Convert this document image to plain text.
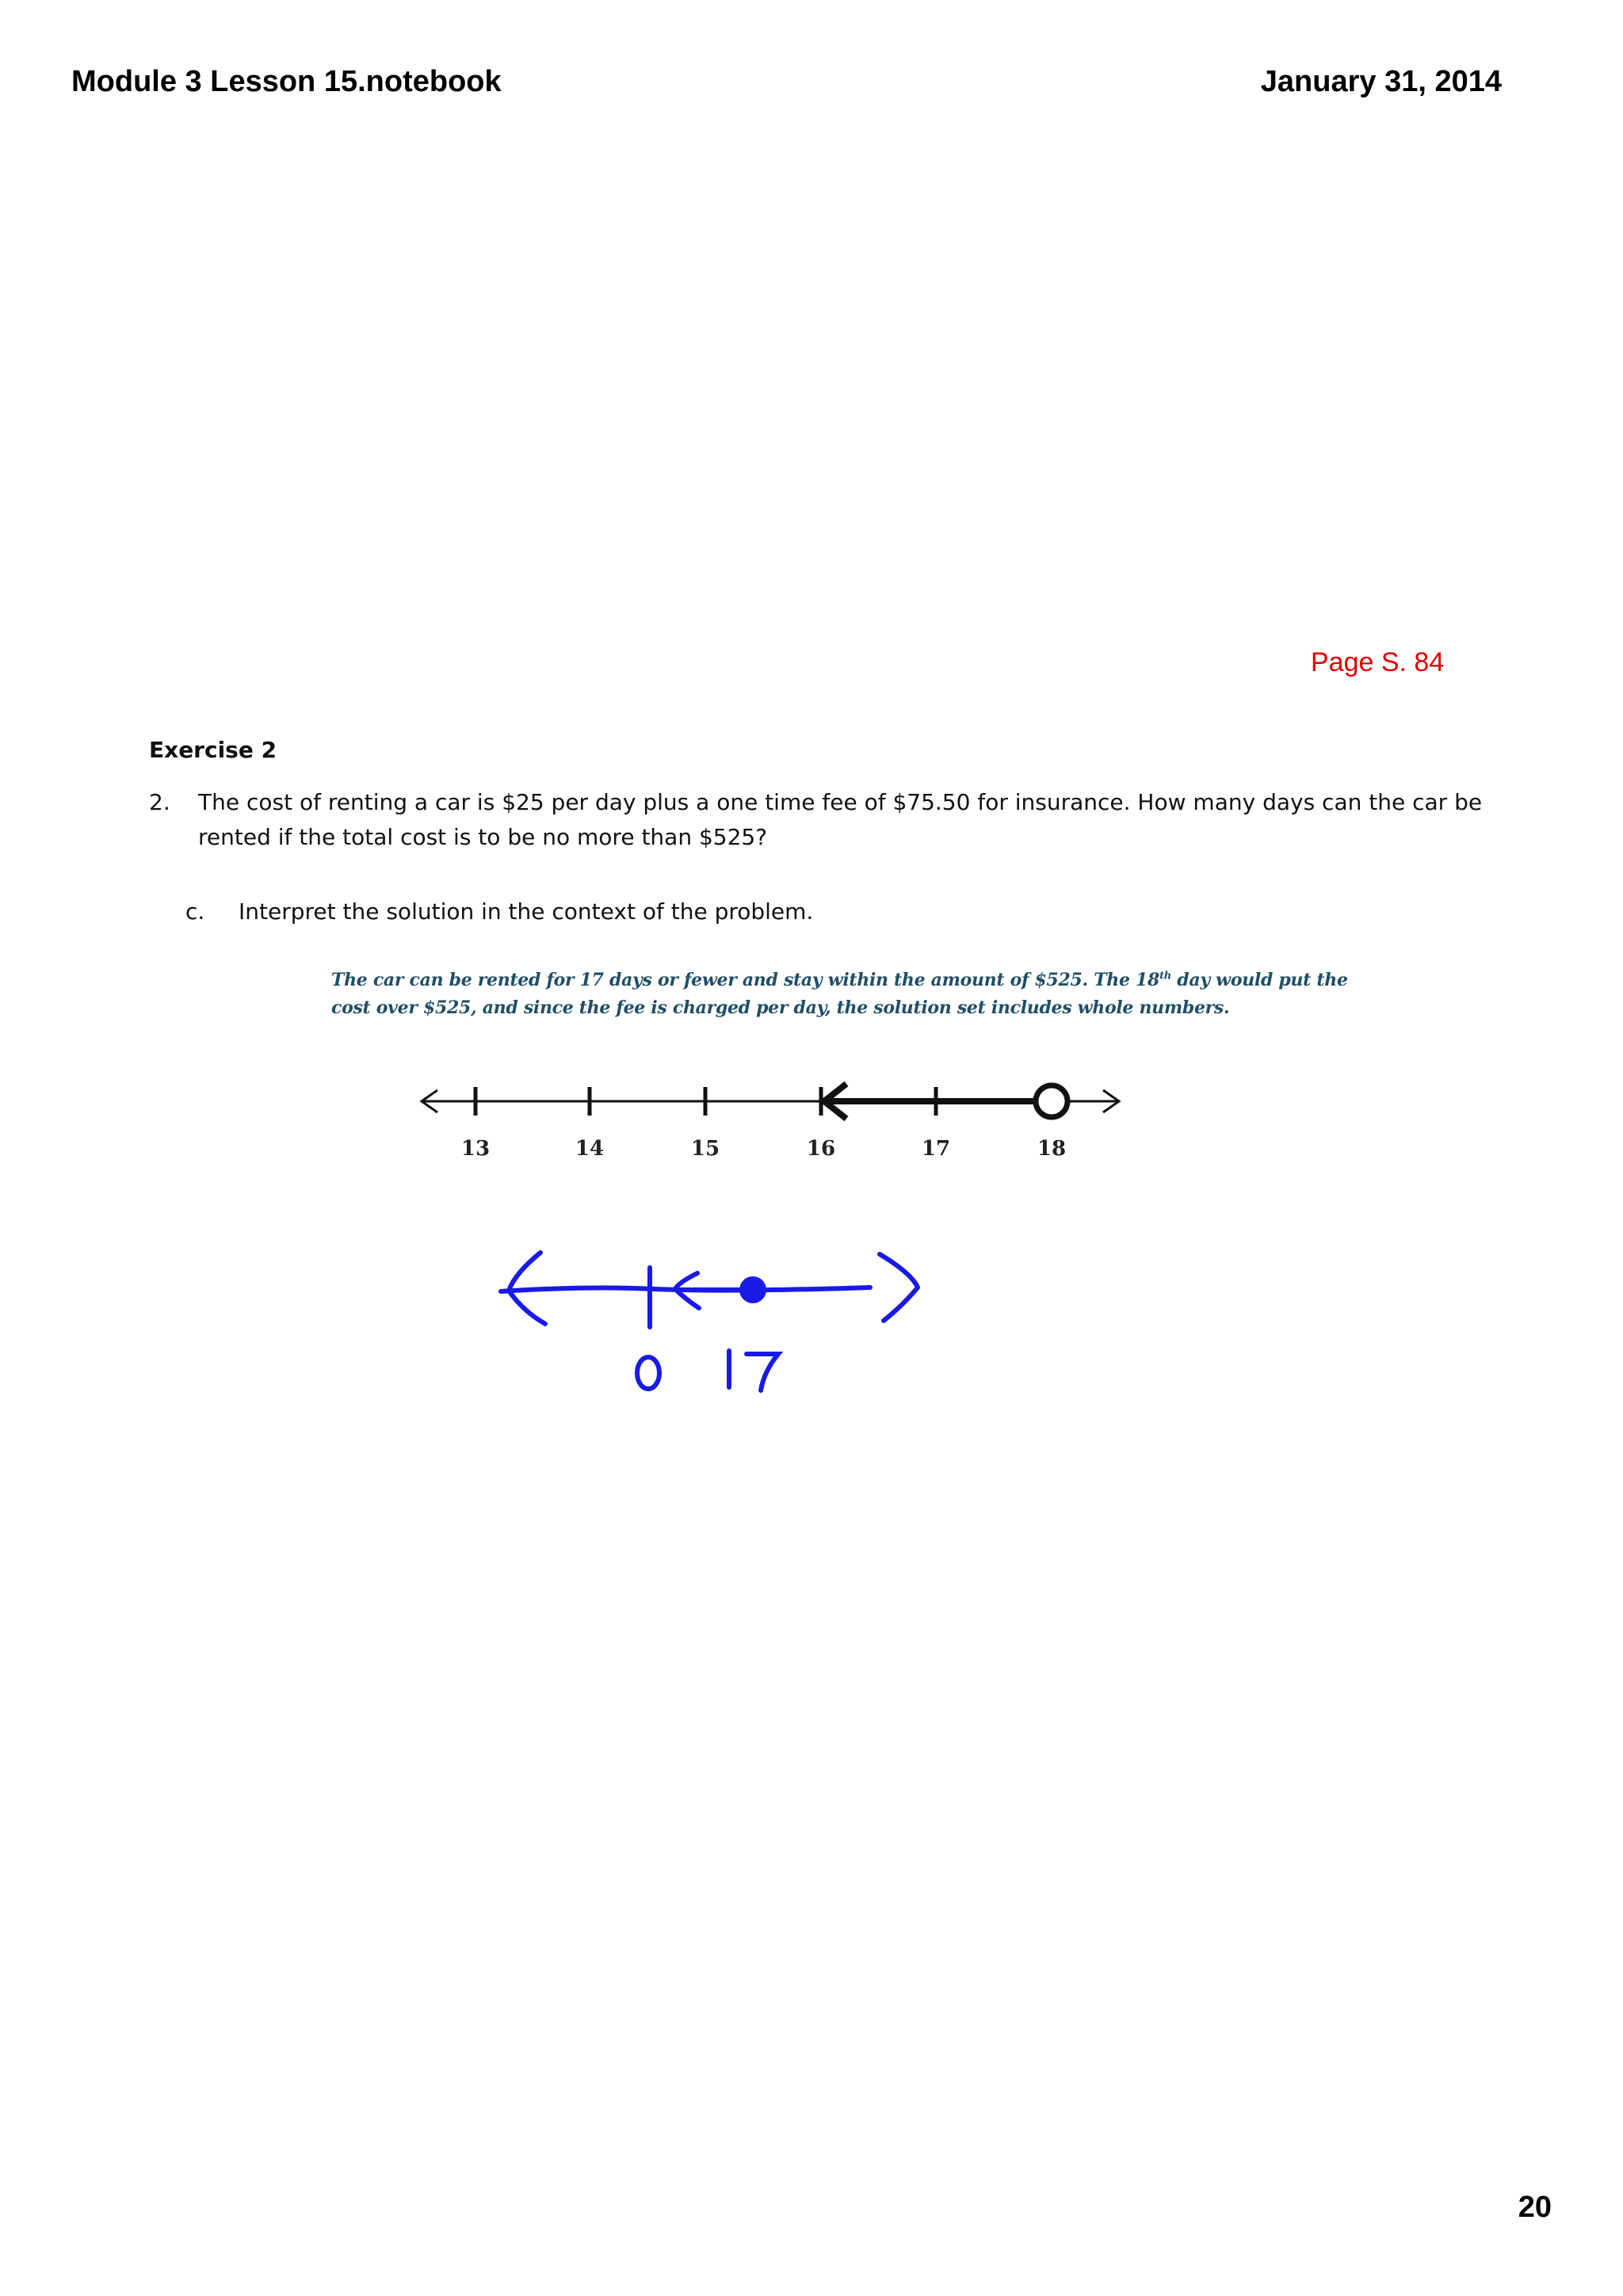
Module 3 Lesson 15.notebook	January 31, 2014
Page S. 84
Exercise 2
2. The cost of renting a car is $25 per day plus a one time fee of $75.50 for insurance. How many days can the car be
rented if the total cost is to be no more than $525?
c. Interpret the solution in the context of the problem.
The car can be rented for 17 days or fewer and stay within the amount of $525. The 18th day would put the
cost over $525, and since the fee is charged per day, the solution set includes whole numbers.
13	14	15	16	17	18
20
